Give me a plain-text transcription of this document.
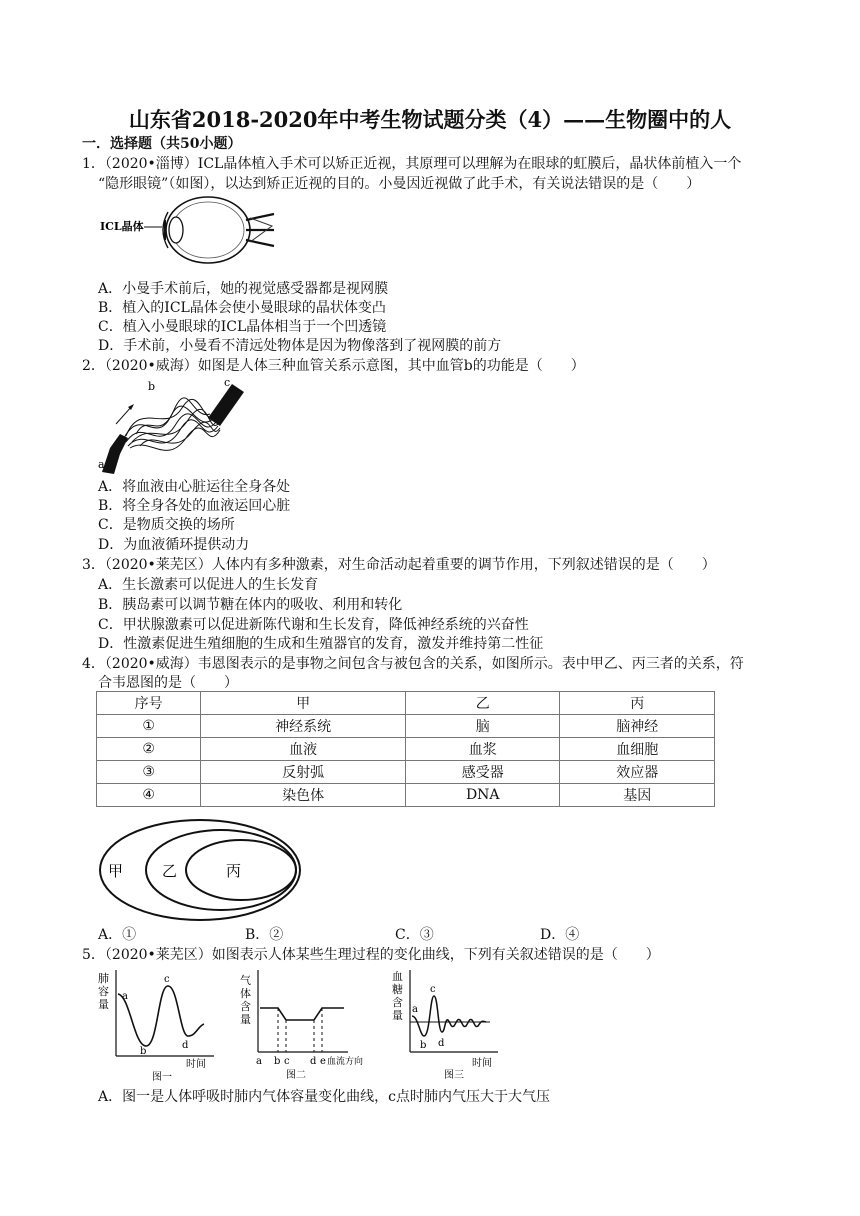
山东省2018-2020年中考生物试题分类（4）——生物圈中的人
一．选择题（共50小题）
1．（2020•淄博）ICL晶体植入手术可以矫正近视，其原理可以理解为在眼球的虹膜后，晶状体前植入一个
“隐形眼镜”（如图），以达到矫正近视的目的。小曼因近视做了此手术，有关说法错误的是（　　）
ICL晶体
A．小曼手术前后，她的视觉感受器都是视网膜
B．植入的ICL晶体会使小曼眼球的晶状体变凸
C．植入小曼眼球的ICL晶体相当于一个凹透镜
D．手术前，小曼看不清远处物体是因为物像落到了视网膜的前方
2．（2020•威海）如图是人体三种血管关系示意图，其中血管b的功能是（　　）
b	c
a
A．将血液由心脏运往全身各处
B．将全身各处的血液运回心脏
C．是物质交换的场所
D．为血液循环提供动力
3．（2020•莱芜区）人体内有多种激素，对生命活动起着重要的调节作用，下列叙述错误的是（　　）
A．生长激素可以促进人的生长发育
B．胰岛素可以调节糖在体内的吸收、利用和转化
C．甲状腺激素可以促进新陈代谢和生长发育，降低神经系统的兴奋性
D．性激素促进生殖细胞的生成和生殖器官的发育，激发并维持第二性征
4．（2020•威海）韦恩图表示的是事物之间包含与被包含的关系，如图所示。表中甲乙、丙三者的关系，符
合韦恩图的是（　　）
序号	甲	乙	丙
①	神经系统	脑	脑神经
②	血液	血浆	血细胞
③	反射弧	感受器	效应器
④	染色体	DNA	基因
甲	乙	丙
A．①	B．②	C．③	D．④
5．（2020•莱芜区）如图表示人体某些生理过程的变化曲线，下列有关叙述错误的是（　　）
肺
容
量
a
b
c
d
时间
图一
气
体
含
量
a b c d e 血流方向
图二
血
糖
含
量 a
b
c
d
时间
图三
A．图一是人体呼吸时肺内气体容量变化曲线，c点时肺内气压大于大气压
